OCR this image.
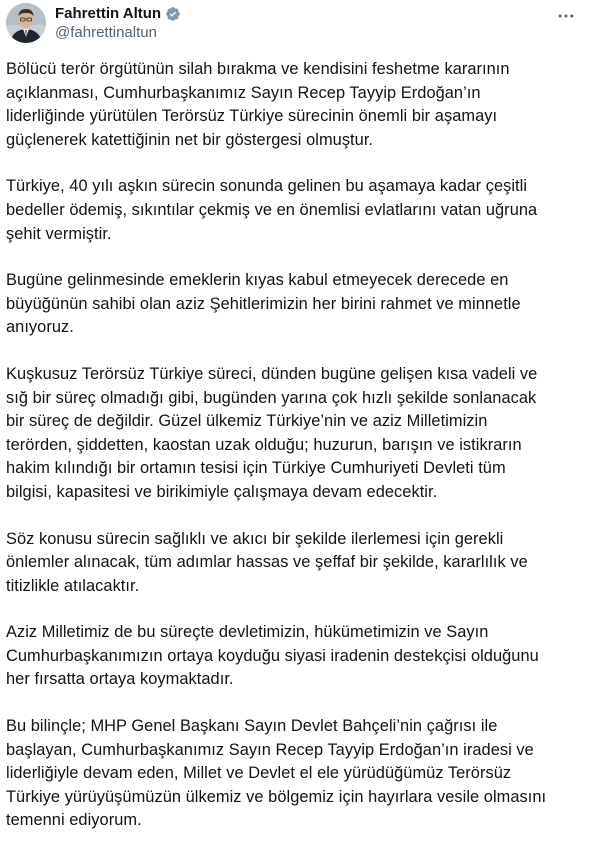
Fahrettin Altun
@fahrettinaltun

Bölücü terör örgütünün silah bırakma ve kendisini feshetme kararının
açıklanması, Cumhurbaşkanımız Sayın Recep Tayyip Erdoğan’ın
liderliğinde yürütülen Terörsüz Türkiye sürecinin önemli bir aşamayı
güçlenerek katettiğinin net bir göstergesi olmuştur.

Türkiye, 40 yılı aşkın sürecin sonunda gelinen bu aşamaya kadar çeşitli
bedeller ödemiş, sıkıntılar çekmiş ve en önemlisi evlatlarını vatan uğruna
şehit vermiştir.

Bugüne gelinmesinde emeklerin kıyas kabul etmeyecek derecede en
büyüğünün sahibi olan aziz Şehitlerimizin her birini rahmet ve minnetle
anıyoruz.

Kuşkusuz Terörsüz Türkiye süreci, dünden bugüne gelişen kısa vadeli ve
sığ bir süreç olmadığı gibi, bugünden yarına çok hızlı şekilde sonlanacak
bir süreç de değildir. Güzel ülkemiz Türkiye’nin ve aziz Milletimizin
terörden, şiddetten, kaostan uzak olduğu; huzurun, barışın ve istikrarın
hakim kılındığı bir ortamın tesisi için Türkiye Cumhuriyeti Devleti tüm
bilgisi, kapasitesi ve birikimiyle çalışmaya devam edecektir.

Söz konusu sürecin sağlıklı ve akıcı bir şekilde ilerlemesi için gerekli
önlemler alınacak, tüm adımlar hassas ve şeffaf bir şekilde, kararlılık ve
titizlikle atılacaktır.

Aziz Milletimiz de bu süreçte devletimizin, hükümetimizin ve Sayın
Cumhurbaşkanımızın ortaya koyduğu siyasi iradenin destekçisi olduğunu
her fırsatta ortaya koymaktadır.

Bu bilinçle; MHP Genel Başkanı Sayın Devlet Bahçeli’nin çağrısı ile
başlayan, Cumhurbaşkanımız Sayın Recep Tayyip Erdoğan’ın iradesi ve
liderliğiyle devam eden, Millet ve Devlet el ele yürüdüğümüz Terörsüz
Türkiye yürüyüşümüzün ülkemiz ve bölgemiz için hayırlara vesile olmasını
temenni ediyorum.
